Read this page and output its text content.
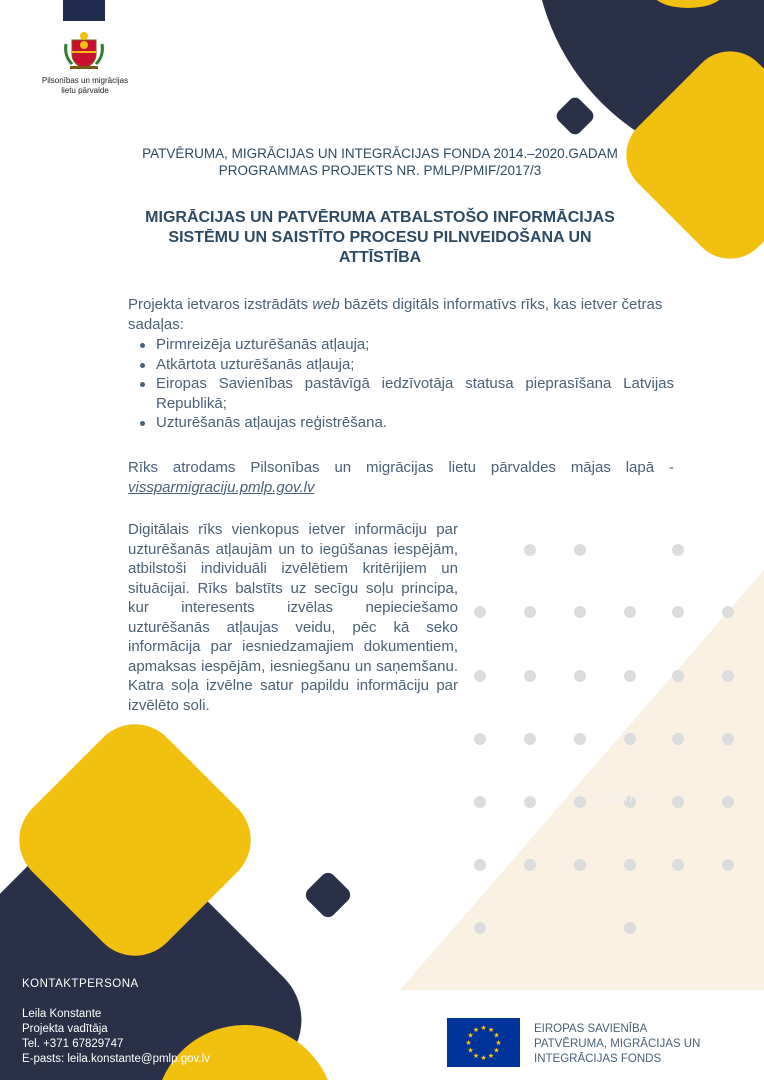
Pilsonības un migrācijas
lietu pārvalde
PATVĒRUMA, MIGRĀCIJAS UN INTEGRĀCIJAS FONDA 2014.–2020.GADAM
PROGRAMMAS PROJEKTS NR. PMLP/PMIF/2017/3
MIGRĀCIJAS UN PATVĒRUMA ATBALSTOŠO INFORMĀCIJAS
SISTĒMU UN SAISTĪTO PROCESU PILNVEIDOŠANA UN
ATTĪSTĪBA
Projekta ietvaros izstrādāts web bāzēts digitāls informatīvs rīks, kas ietver četras sadaļas:
Pirmreizēja uzturēšanās atļauja;
Atkārtota uzturēšanās atļauja;
Eiropas Savienības pastāvīgā iedzīvotāja statusa pieprasīšana Latvijas Republikā;
Uzturēšanās atļaujas reģistrēšana.
Rīks atrodams Pilsonības un migrācijas lietu pārvaldes mājas lapā - vissparmigraciju.pmlp.gov.lv
Digitālais rīks vienkopus ietver informāciju par uzturēšanās atļaujām un to iegūšanas iespējām, atbilstoši individuāli izvēlētiem kritērijiem un situācijai. Rīks balstīts uz secīgu soļu principa, kur interesents izvēlas nepieciešamo uzturēšanās atļaujas veidu, pēc kā seko informācija par iesniedzamajiem dokumentiem, apmaksas iespējām, iesniegšanu un saņemšanu. Katra soļa izvēlne satur papildu informāciju par izvēlēto soli.
$1477
KONTAKTPERSONA
Leila Konstante
Projekta vadītāja
Tel. +371 67829747
E-pasts: leila.konstante@pmlp.gov.lv
★ ★
★
★
★
★
★
★
★
★
★
★	EIROPAS SAVIENĪBA
PATVĒRUMA, MIGRĀCIJAS UN
INTEGRĀCIJAS FONDS
